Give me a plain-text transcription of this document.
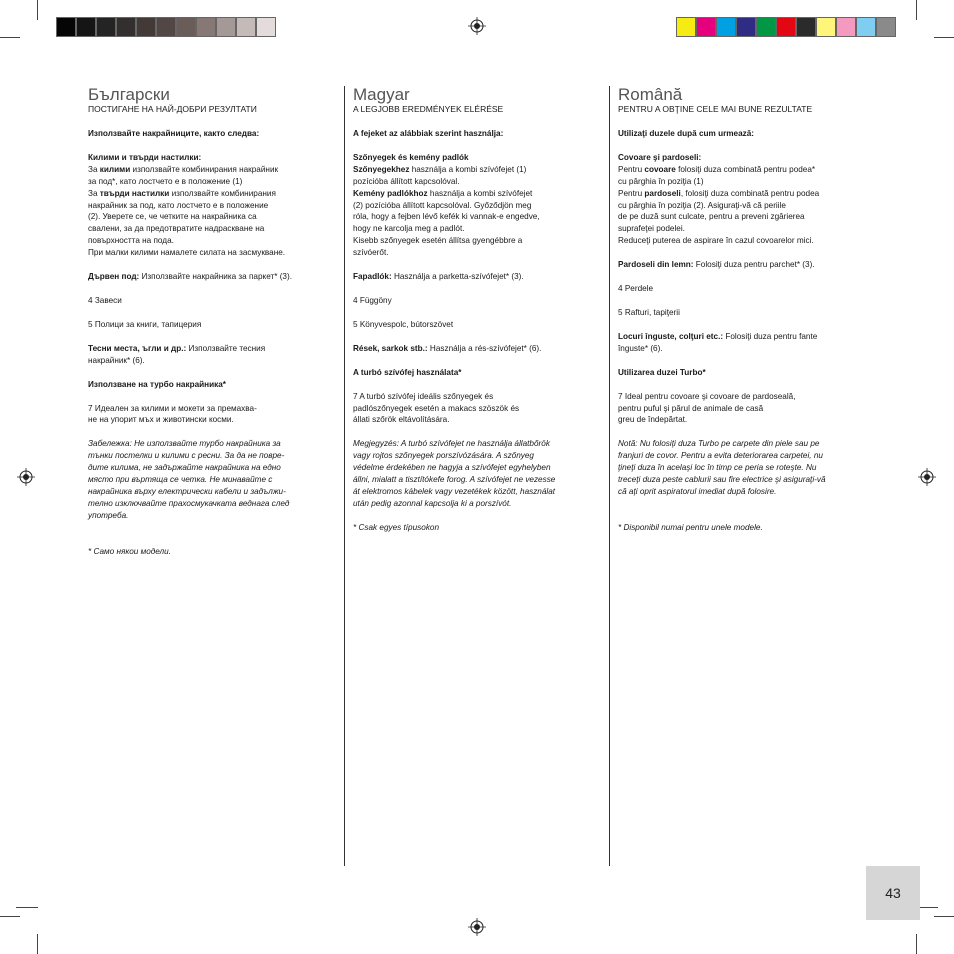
Български
ПОСТИГАНЕ НА НАЙ-ДОБРИ РЕЗУЛТАТИ
Използвайте накрайниците, както следва:
Килими и твърди настилки:
За килими използвайте комбинирания накрайник
за под*, като лостчето е в положение (1)
За твърди настилки използвайте комбинирания
накрайник за под, като лостчето е в положение
(2). Уверете се, че четките на накрайника са
свалени, за да предотвратите надраскване на
повърхността на пода.
При малки килими намалете силата на засмукване.
Дървен под: Използвайте накрайника за паркет* (3).
4 Завеси
5 Полици за книги, тапицерия
Тесни места, ъгли и др.: Използвайте тесния
накрайник* (6).
Използване на турбо накрайника*
7 Идеален за килими и мокети за премахва-
не на упорит мъх и животински косми.
Забележка: Не използвайте турбо накрайника за
тънки постелки и килими с ресни. За да не повре-
дите килима, не задържайте накрайника на едно
място при въртяща се четка. Не минавайте с
накрайника върху електрически кабели и задължи-
телно изключвайте прахосмукачката веднага след
употреба.
* Само някои модели.
Magyar
A LEGJOBB EREDMÉNYEK ELÉRÉSE
A fejeket az alábbiak szerint használja:
Szőnyegek és kemény padlók
Szőnyegekhez használja a kombi szívófejet (1)
pozícióba állított kapcsolóval.
Kemény padlókhoz használja a kombi szívófejet
(2) pozícióba állított kapcsolóval. Győződjön meg
róla, hogy a fejben lévő kefék ki vannak-e engedve,
hogy ne karcolja meg a padlót.
Kisebb szőnyegek esetén állítsa gyengébbre a
szívóerőt.
Fapadlók: Használja a parketta-szívófejet* (3).
4 Függöny
5 Könyvespolc, bútorszövet
Rések, sarkok stb.: Használja a rés-szívófejet* (6).
A turbó szívófej használata*
7 A turbó szívófej ideális szőnyegek és
padlószőnyegek esetén a makacs szöszök és
állati szőrök eltávolítására.
Megjegyzés: A turbó szívófejet ne használja állatbőrök
vagy rojtos szőnyegek porszívózására. A szőnyeg
védelme érdekében ne hagyja a szívófejet egyhelyben
állni, mialatt a tisztítókefe forog. A szívófejet ne vezesse
át elektromos kábelek vagy vezetékek között, használat
után pedig azonnal kapcsolja ki a porszívót.
* Csak egyes típusokon
Română
PENTRU A OBŢINE CELE MAI BUNE REZULTATE
Utilizaţi duzele după cum urmează:
Covoare şi pardoseli:
Pentru covoare folosiţi duza combinată pentru podea*
cu pârghia în poziţia (1)
Pentru pardoseli, folosiţi duza combinată pentru podea
cu pârghia în poziţia (2). Asiguraţi-vă că periile
de pe duză sunt culcate, pentru a preveni zgârierea
suprafeţei podelei.
Reduceţi puterea de aspirare în cazul covoarelor mici.
Pardoseli din lemn: Folosiţi duza pentru parchet* (3).
4 Perdele
5 Rafturi, tapiţerii
Locuri înguste, colţuri etc.: Folosiţi duza pentru fante
înguste* (6).
Utilizarea duzei Turbo*
7 Ideal pentru covoare şi covoare de pardoseală,
pentru puful şi părul de animale de casă
greu de îndepărtat.
Notă: Nu folosiţi duza Turbo pe carpete din piele sau pe
franjuri de covor. Pentru a evita deteriorarea carpetei, nu
ţineţi duza în acelaşi loc în timp ce peria se roteşte. Nu
treceţi duza peste cablurii sau fire electrice şi asiguraţi-vă
că aţi oprit aspiratorul imediat după folosire.
* Disponibil numai pentru unele modele.
43
